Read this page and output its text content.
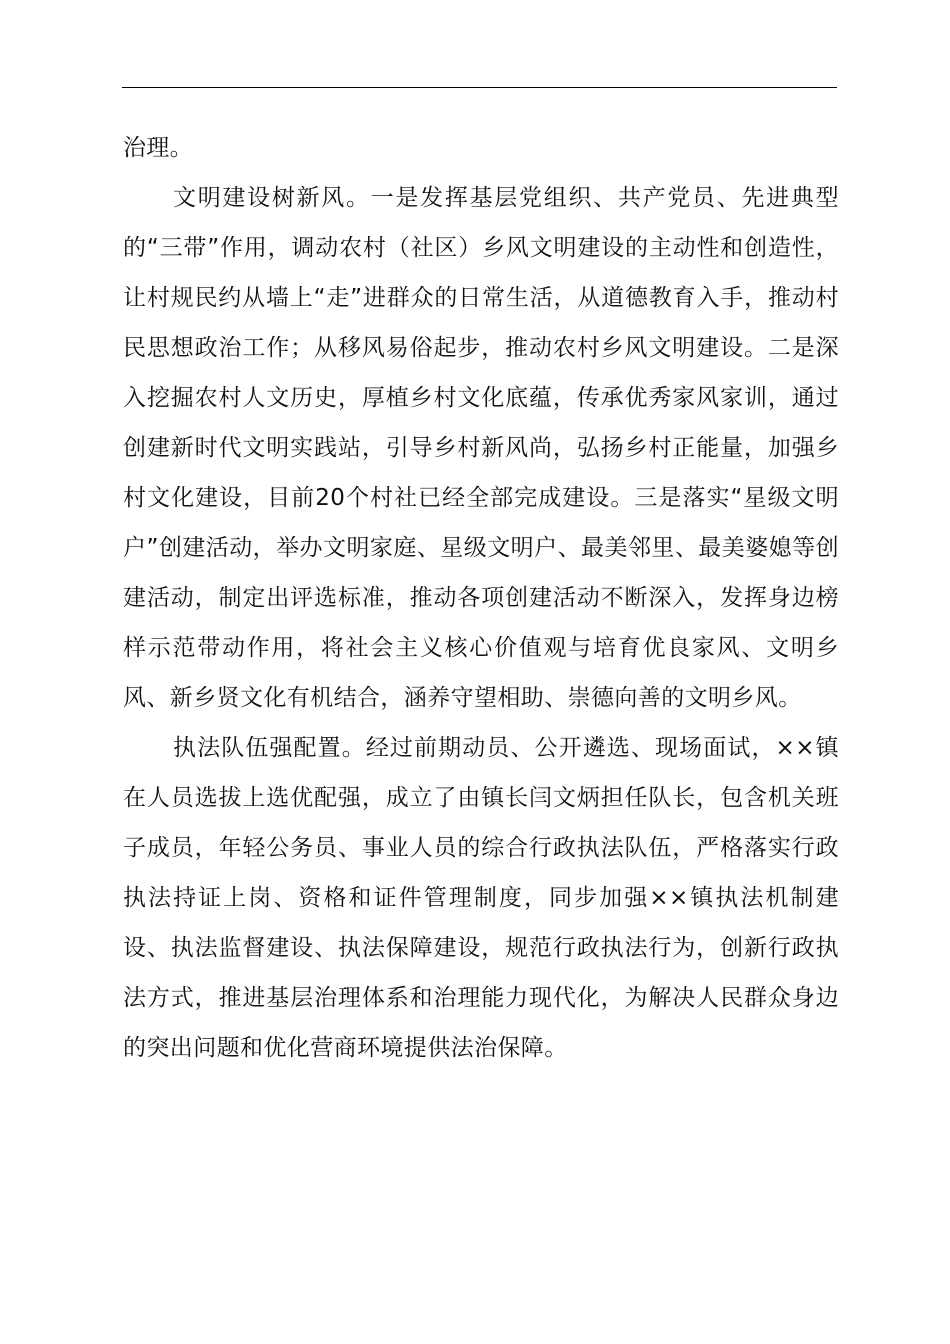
治理。

文明建设树新风。一是发挥基层党组织、共产党员、先进典型的“三带”作用，调动农村（社区）乡风文明建设的主动性和创造性，让村规民约从墙上“走”进群众的日常生活，从道德教育入手，推动村民思想政治工作；从移风易俗起步，推动农村乡风文明建设。二是深入挖掘农村人文历史，厚植乡村文化底蕴，传承优秀家风家训，通过创建新时代文明实践站，引导乡村新风尚，弘扬乡村正能量，加强乡村文化建设，目前20个村社已经全部完成建设。三是落实“星级文明户”创建活动，举办文明家庭、星级文明户、最美邻里、最美婆媳等创建活动，制定出评选标准，推动各项创建活动不断深入，发挥身边榜样示范带动作用，将社会主义核心价值观与培育优良家风、文明乡风、新乡贤文化有机结合，涵养守望相助、崇德向善的文明乡风。

执法队伍强配置。经过前期动员、公开遴选、现场面试，××镇在人员选拔上选优配强，成立了由镇长闫文炳担任队长，包含机关班子成员，年轻公务员、事业人员的综合行政执法队伍，严格落实行政执法持证上岗、资格和证件管理制度，同步加强××镇执法机制建设、执法监督建设、执法保障建设，规范行政执法行为，创新行政执法方式，推进基层治理体系和治理能力现代化，为解决人民群众身边的突出问题和优化营商环境提供法治保障。
